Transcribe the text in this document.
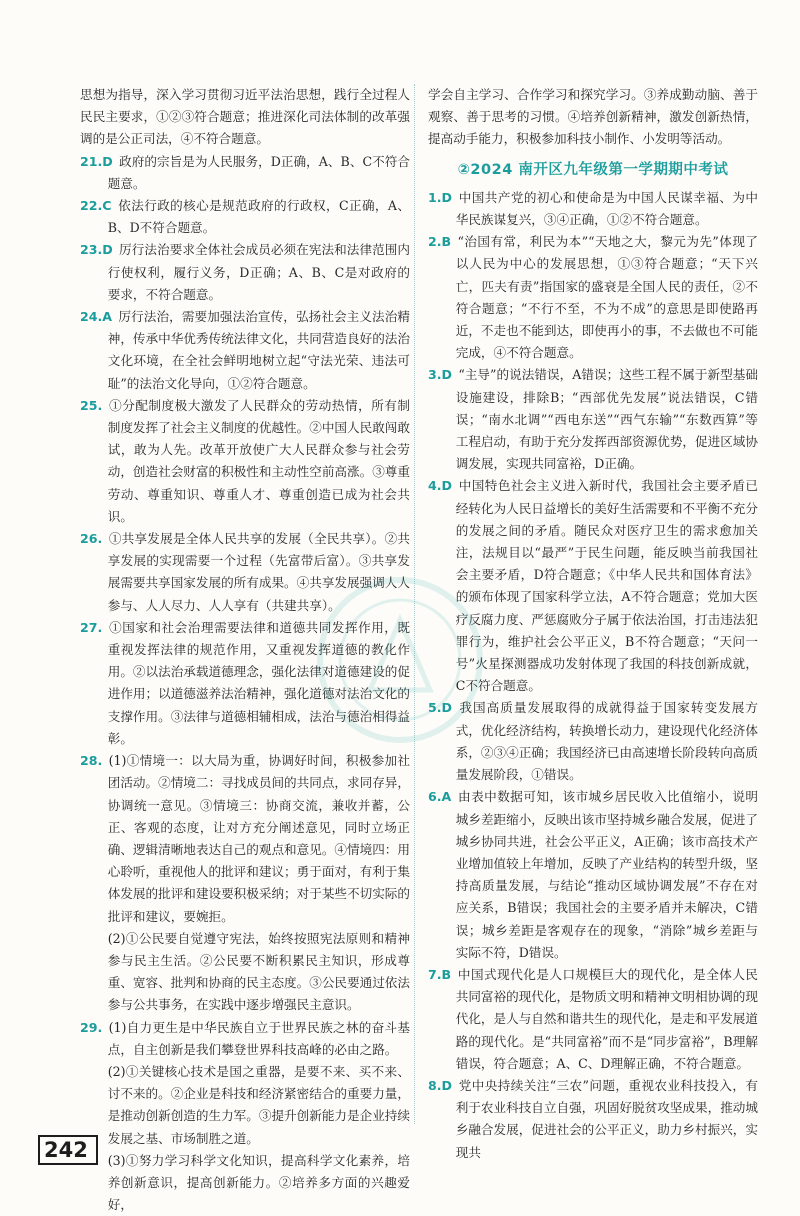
思想为指导，深入学习贯彻习近平法治思想，践行全过程人民民主要求，①②③符合题意；推进深化司法体制的改革强调的是公正司法，④不符合题意。

21.D  政府的宗旨是为人民服务，D正确，A、B、C不符合题意。

22.C  依法行政的核心是规范政府的行政权，C正确，A、B、D不符合题意。

23.D  厉行法治要求全体社会成员必须在宪法和法律范围内行使权利，履行义务，D正确；A、B、C是对政府的要求，不符合题意。

24.A  厉行法治，需要加强法治宣传，弘扬社会主义法治精神，传承中华优秀传统法律文化，共同营造良好的法治文化环境，在全社会鲜明地树立起“守法光荣、违法可耻”的法治文化导向，①②符合题意。

25.  ①分配制度极大激发了人民群众的劳动热情，所有制制度发挥了社会主义制度的优越性。②中国人民敢闯敢试，敢为人先。改革开放使广大人民群众参与社会劳动，创造社会财富的积极性和主动性空前高涨。③尊重劳动、尊重知识、尊重人才、尊重创造已成为社会共识。

26.  ①共享发展是全体人民共享的发展（全民共享）。②共享发展的实现需要一个过程（先富带后富）。③共享发展需要共享国家发展的所有成果。④共享发展强调人人参与、人人尽力、人人享有（共建共享）。

27.  ①国家和社会治理需要法律和道德共同发挥作用，既重视发挥法律的规范作用，又重视发挥道德的教化作用。②以法治承载道德理念，强化法律对道德建设的促进作用；以道德滋养法治精神，强化道德对法治文化的支撑作用。③法律与道德相辅相成，法治与德治相得益彰。

28.  (1)①情境一：以大局为重，协调好时间，积极参加社团活动。②情境二：寻找成员间的共同点，求同存异，协调统一意见。③情境三：协商交流，兼收并蓄，公正、客观的态度，让对方充分阐述意见，同时立场正确、逻辑清晰地表达自己的观点和意见。④情境四：用心聆听，重视他人的批评和建议；勇于面对，有利于集体发展的批评和建设要积极采纳；对于某些不切实际的批评和建议，要婉拒。

(2)①公民要自觉遵守宪法，始终按照宪法原则和精神参与民主生活。②公民要不断积累民主知识，形成尊重、宽容、批判和协商的民主态度。③公民要通过依法参与公共事务，在实践中逐步增强民主意识。

29.  (1)自力更生是中华民族自立于世界民族之林的奋斗基点，自主创新是我们攀登世界科技高峰的必由之路。

(2)①关键核心技术是国之重器，是要不来、买不来、讨不来的。②企业是科技和经济紧密结合的重要力量，是推动创新创造的生力军。③提升创新能力是企业持续发展之基、市场制胜之道。

(3)①努力学习科学文化知识，提高科学文化素养，培养创新意识，提高创新能力。②培养多方面的兴趣爱好，

学会自主学习、合作学习和探究学习。③养成勤动脑、善于观察、善于思考的习惯。④培养创新精神，激发创新热情，提高动手能力，积极参加科技小制作、小发明等活动。

②2024 南开区九年级第一学期期中考试

1.D  中国共产党的初心和使命是为中国人民谋幸福、为中华民族谋复兴，③④正确，①②不符合题意。

2.B  “治国有常，利民为本”“天地之大，黎元为先”体现了以人民为中心的发展思想，①③符合题意；“天下兴亡，匹夫有责”指国家的盛衰是全国人民的责任，②不符合题意；“不行不至，不为不成”的意思是即使路再近，不走也不能到达，即使再小的事，不去做也不可能完成，④不符合题意。

3.D  “主导”的说法错误，A错误；这些工程不属于新型基础设施建设，排除B；“西部优先发展”说法错误，C错误；“南水北调”“西电东送”“西气东输”“东数西算”等工程启动，有助于充分发挥西部资源优势，促进区域协调发展，实现共同富裕，D正确。

4.D  中国特色社会主义进入新时代，我国社会主要矛盾已经转化为人民日益增长的美好生活需要和不平衡不充分的发展之间的矛盾。随民众对医疗卫生的需求愈加关注，法规目以“最严”于民生问题，能反映当前我国社会主要矛盾，D符合题意；《中华人民共和国体育法》的颁布体现了国家科学立法，A不符合题意；党加大医疗反腐力度、严惩腐败分子属于依法治国，打击违法犯罪行为，维护社会公平正义，B不符合题意；“天问一号”火星探测器成功发射体现了我国的科技创新成就，C不符合题意。

5.D  我国高质量发展取得的成就得益于国家转变发展方式，优化经济结构，转换增长动力，建设现代化经济体系，②③④正确；我国经济已由高速增长阶段转向高质量发展阶段，①错误。

6.A  由表中数据可知，该市城乡居民收入比值缩小，说明城乡差距缩小，反映出该市坚持城乡融合发展，促进了城乡协同共进，社会公平正义，A正确；该市高技术产业增加值较上年增加，反映了产业结构的转型升级，坚持高质量发展，与结论“推动区域协调发展”不存在对应关系，B错误；我国社会的主要矛盾并未解决，C错误；城乡差距是客观存在的现象，“消除”城乡差距与实际不符，D错误。

7.B  中国式现代化是人口规模巨大的现代化，是全体人民共同富裕的现代化，是物质文明和精神文明相协调的现代化，是人与自然和谐共生的现代化，是走和平发展道路的现代化。是“共同富裕”而不是“同步富裕”，B理解错误，符合题意；A、C、D理解正确，不符合题意。

8.D  党中央持续关注“三农”问题，重视农业科技投入，有利于农业科技自立自强，巩固好脱贫攻坚成果，推动城乡融合发展，促进社会的公平正义，助力乡村振兴，实现共

242
